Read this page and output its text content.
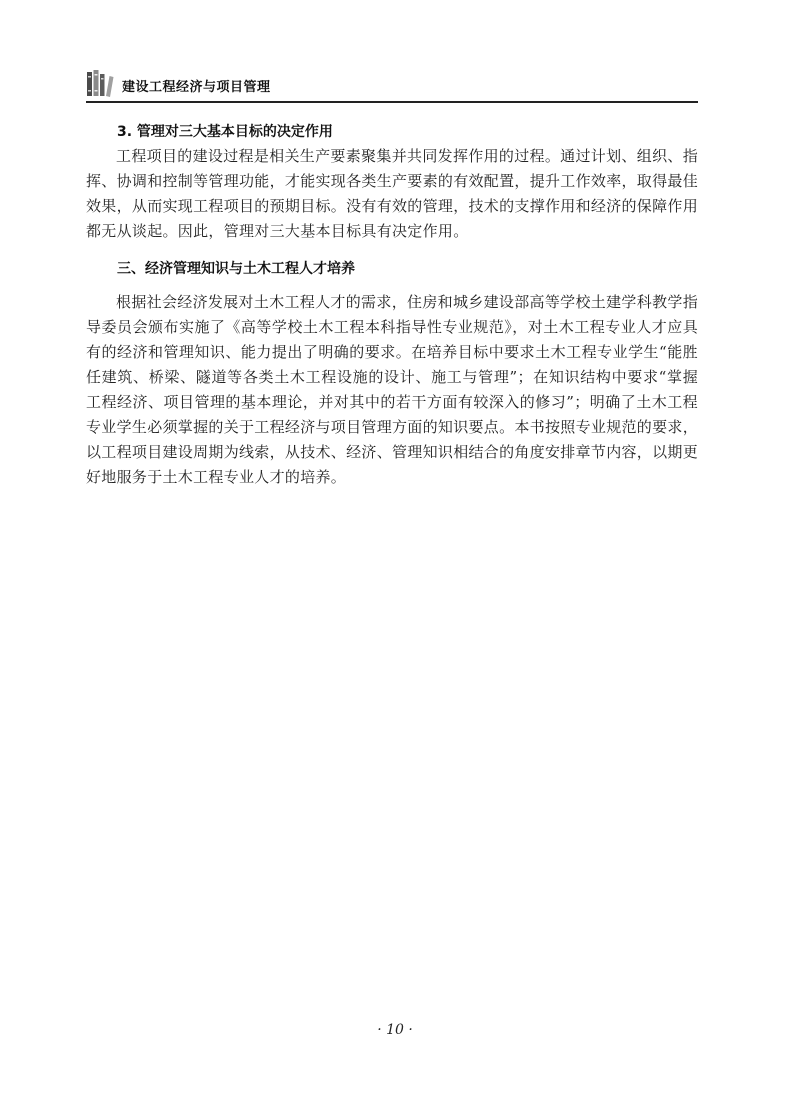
建设工程经济与项目管理
3. 管理对三大基本目标的决定作用

工程项目的建设过程是相关生产要素聚集并共同发挥作用的过程。通过计划、组织、指挥、协调和控制等管理功能，才能实现各类生产要素的有效配置，提升工作效率，取得最佳效果，从而实现工程项目的预期目标。没有有效的管理，技术的支撑作用和经济的保障作用都无从谈起。因此，管理对三大基本目标具有决定作用。

三、经济管理知识与土木工程人才培养

根据社会经济发展对土木工程人才的需求，住房和城乡建设部高等学校土建学科教学指导委员会颁布实施了《高等学校土木工程本科指导性专业规范》，对土木工程专业人才应具有的经济和管理知识、能力提出了明确的要求。在培养目标中要求土木工程专业学生“能胜任建筑、桥梁、隧道等各类土木工程设施的设计、施工与管理”；在知识结构中要求“掌握工程经济、项目管理的基本理论，并对其中的若干方面有较深入的修习”；明确了土木工程专业学生必须掌握的关于工程经济与项目管理方面的知识要点。本书按照专业规范的要求，以工程项目建设周期为线索，从技术、经济、管理知识相结合的角度安排章节内容，以期更好地服务于土木工程专业人才的培养。

· 10 ·
